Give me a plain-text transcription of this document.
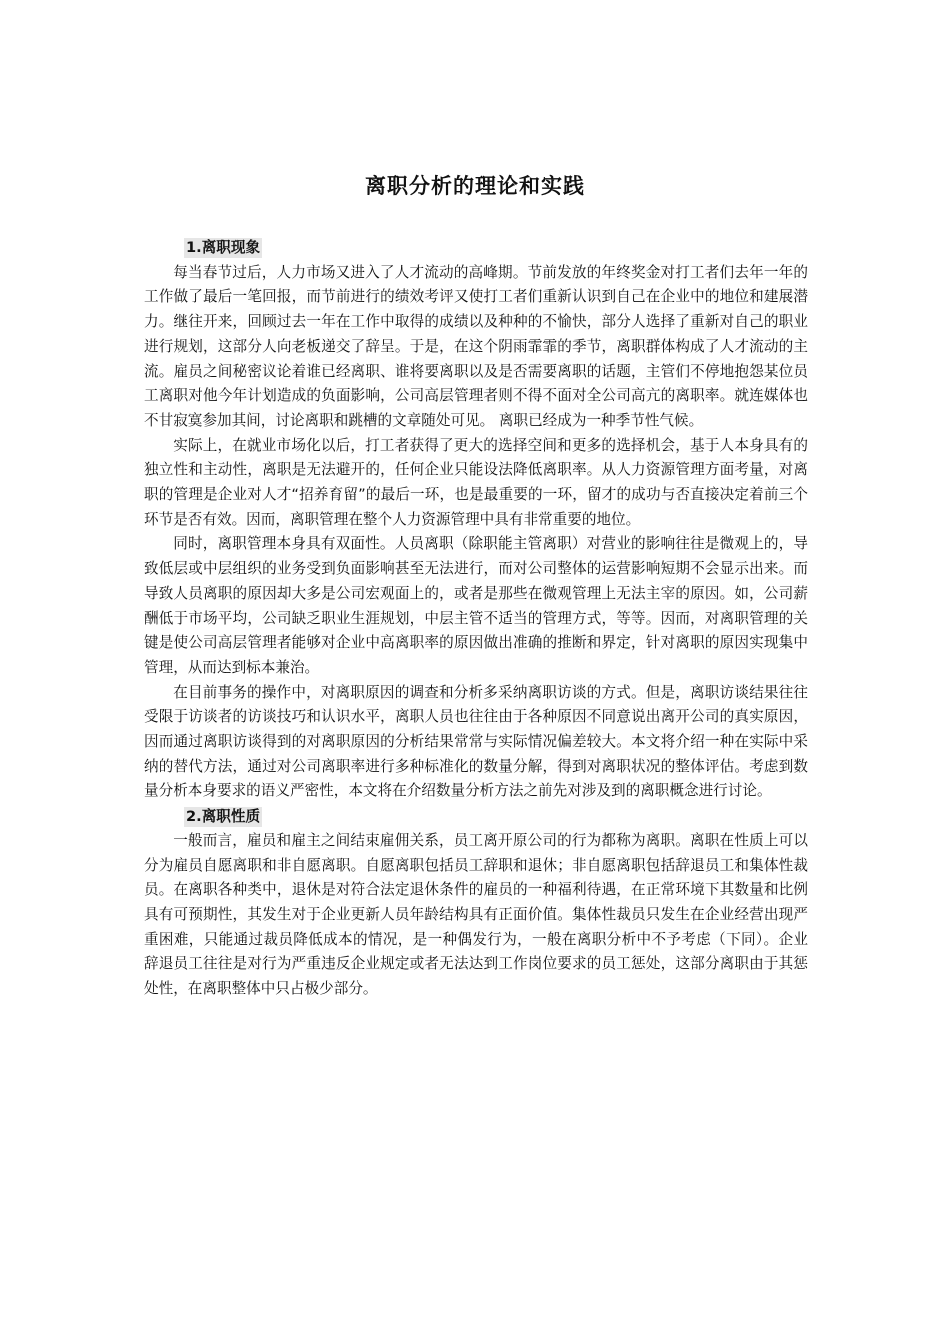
离职分析的理论和实践
1.离职现象

每当春节过后，人力市场又进入了人才流动的高峰期。节前发放的年终奖金对打工者们去年一年的工作做了最后一笔回报，而节前进行的绩效考评又使打工者们重新认识到自己在企业中的地位和建展潜力。继往开来，回顾过去一年在工作中取得的成绩以及种种的不愉快，部分人选择了重新对自己的职业进行规划，这部分人向老板递交了辞呈。于是，在这个阴雨霏霏的季节，离职群体构成了人才流动的主流。雇员之间秘密议论着谁已经离职、谁将要离职以及是否需要离职的话题，主管们不停地抱怨某位员工离职对他今年计划造成的负面影响，公司高层管理者则不得不面对全公司高亢的离职率。就连媒体也不甘寂寞参加其间，讨论离职和跳槽的文章随处可见。 离职已经成为一种季节性气候。

实际上，在就业市场化以后，打工者获得了更大的选择空间和更多的选择机会，基于人本身具有的独立性和主动性，离职是无法避开的，任何企业只能设法降低离职率。从人力资源管理方面考量，对离职的管理是企业对人才“招养育留”的最后一环，也是最重要的一环，留才的成功与否直接决定着前三个环节是否有效。因而，离职管理在整个人力资源管理中具有非常重要的地位。

同时，离职管理本身具有双面性。人员离职（除职能主管离职）对营业的影响往往是微观上的，导致低层或中层组织的业务受到负面影响甚至无法进行，而对公司整体的运营影响短期不会显示出来。而导致人员离职的原因却大多是公司宏观面上的，或者是那些在微观管理上无法主宰的原因。如，公司薪酬低于市场平均，公司缺乏职业生涯规划，中层主管不适当的管理方式，等等。因而，对离职管理的关键是使公司高层管理者能够对企业中高离职率的原因做出准确的推断和界定，针对离职的原因实现集中管理，从而达到标本兼治。

在目前事务的操作中，对离职原因的调查和分析多采纳离职访谈的方式。但是，离职访谈结果往往受限于访谈者的访谈技巧和认识水平，离职人员也往往由于各种原因不同意说出离开公司的真实原因，因而通过离职访谈得到的对离职原因的分析结果常常与实际情况偏差较大。本文将介绍一种在实际中采纳的替代方法，通过对公司离职率进行多种标准化的数量分解，得到对离职状况的整体评估。考虑到数量分析本身要求的语义严密性，本文将在介绍数量分析方法之前先对涉及到的离职概念进行讨论。

2.离职性质

一般而言，雇员和雇主之间结束雇佣关系，员工离开原公司的行为都称为离职。离职在性质上可以分为雇员自愿离职和非自愿离职。自愿离职包括员工辞职和退休；非自愿离职包括辞退员工和集体性裁员。在离职各种类中，退休是对符合法定退休条件的雇员的一种福利待遇，在正常环境下其数量和比例具有可预期性，其发生对于企业更新人员年龄结构具有正面价值。集体性裁员只发生在企业经营出现严重困难，只能通过裁员降低成本的情况，是一种偶发行为，一般在离职分析中不予考虑（下同）。企业辞退员工往往是对行为严重违反企业规定或者无法达到工作岗位要求的员工惩处，这部分离职由于其惩处性，在离职整体中只占极少部分。
